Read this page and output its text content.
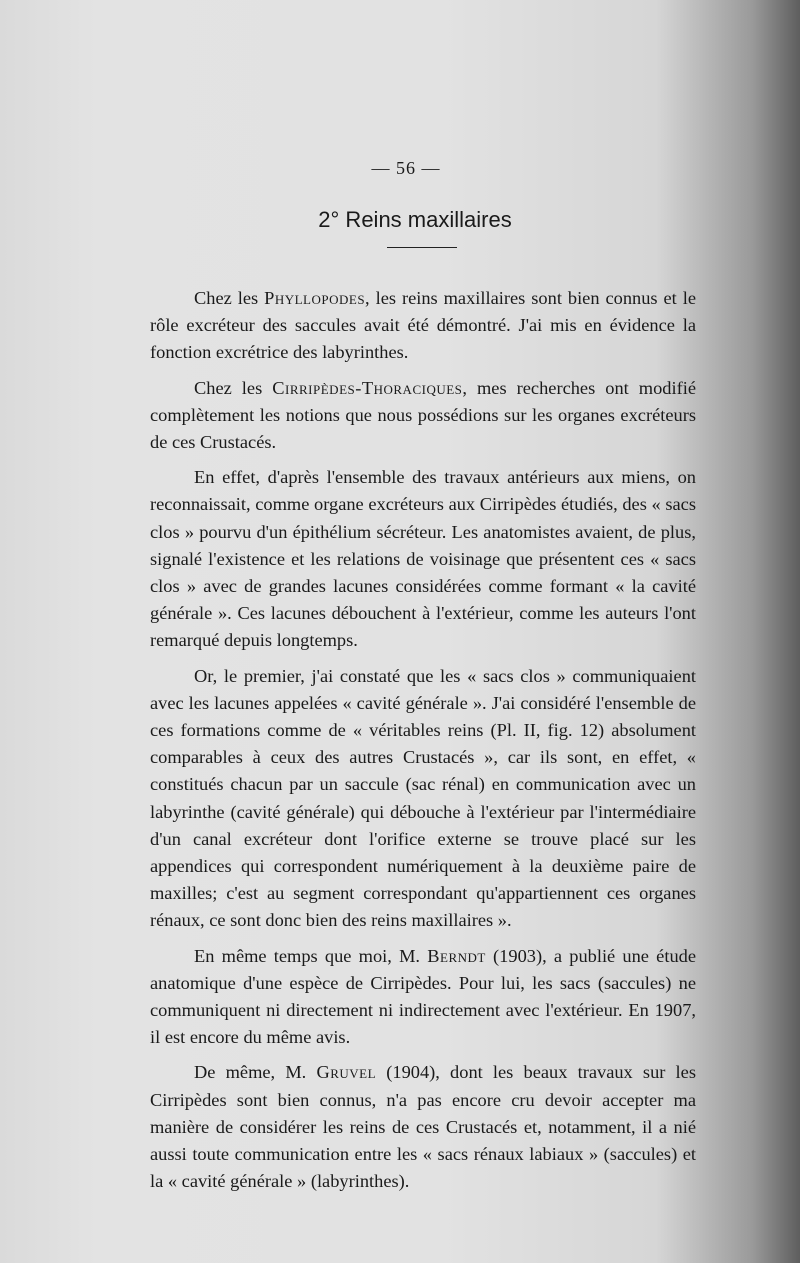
— 56 —
2° Reins maxillaires

Chez les Phyllopodes, les reins maxillaires sont bien connus et le rôle excréteur des saccules avait été démontré. J'ai mis en évidence la fonction excrétrice des labyrinthes.

Chez les Cirripèdes-Thoraciques, mes recherches ont modifié complètement les notions que nous possédions sur les organes excréteurs de ces Crustacés.

En effet, d'après l'ensemble des travaux antérieurs aux miens, on reconnaissait, comme organe excréteurs aux Cirripèdes étudiés, des « sacs clos » pourvu d'un épithélium sécréteur. Les anatomistes avaient, de plus, signalé l'existence et les relations de voisinage que présentent ces « sacs clos » avec de grandes lacunes considérées comme formant « la cavité générale ». Ces lacunes débouchent à l'extérieur, comme les auteurs l'ont remarqué depuis longtemps.

Or, le premier, j'ai constaté que les « sacs clos » communiquaient avec les lacunes appelées « cavité générale ». J'ai considéré l'ensemble de ces formations comme de « véritables reins (Pl. II, fig. 12) absolument comparables à ceux des autres Crustacés », car ils sont, en effet, « constitués chacun par un saccule (sac rénal) en communication avec un labyrinthe (cavité générale) qui débouche à l'extérieur par l'intermédiaire d'un canal excréteur dont l'orifice externe se trouve placé sur les appendices qui correspondent numériquement à la deuxième paire de maxilles; c'est au segment correspondant qu'appartiennent ces organes rénaux, ce sont donc bien des reins maxillaires ».

En même temps que moi, M. Berndt (1903), a publié une étude anatomique d'une espèce de Cirripèdes. Pour lui, les sacs (saccules) ne communiquent ni directement ni indirectement avec l'extérieur. En 1907, il est encore du même avis.

De même, M. Gruvel (1904), dont les beaux travaux sur les Cirripèdes sont bien connus, n'a pas encore cru devoir accepter ma manière de considérer les reins de ces Crustacés et, notamment, il a nié aussi toute communication entre les « sacs rénaux labiaux » (saccules) et la « cavité générale » (labyrinthes).
